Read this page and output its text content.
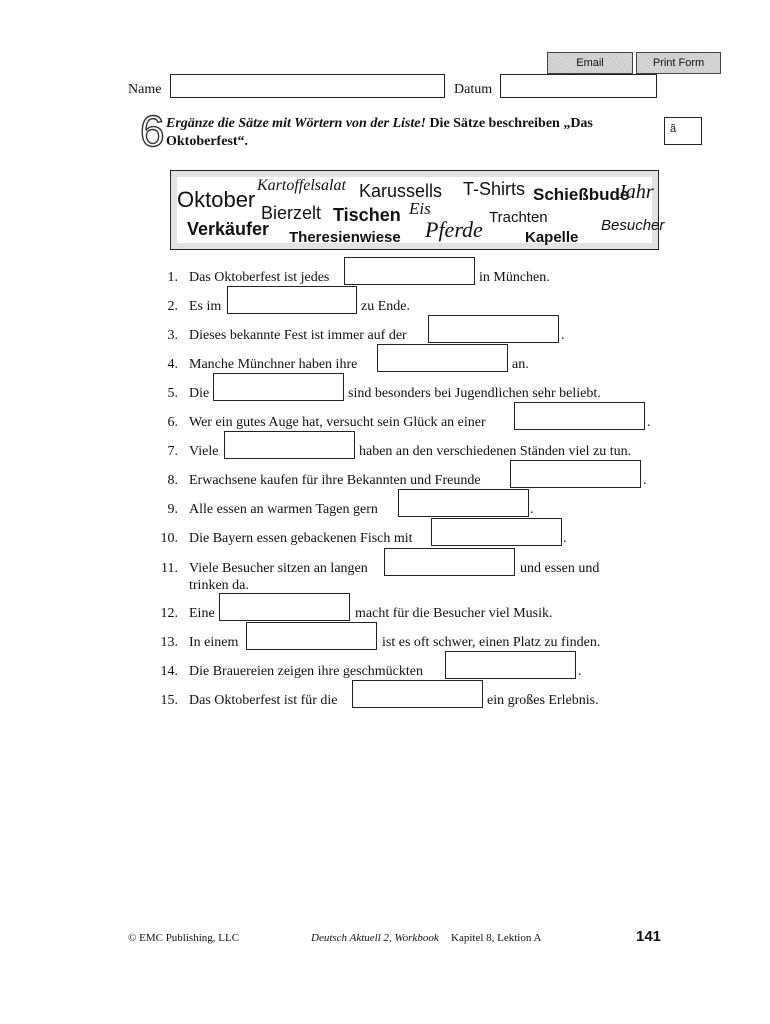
Email	Print Form
Name	Datum
6 Ergänze die Sätze mit Wörtern von der Liste! Die Sätze beschreiben „Das Oktoberfest“.
ã
Oktober
Kartoffelsalat Karussells T-Shirts Schießbude
Jahr
Verkäufer
Bierzelt Tischen Eis
Pferde Trachten	Besucher
Theresienwiese	Kapelle
1. Das Oktoberfest ist jedes	in München.
2. Es im	zu Ende.
3. Dieses bekannte Fest ist immer auf der	.
4. Manche Münchner haben ihre	an.
5. Die	sind besonders bei Jugendlichen sehr beliebt.
6. Wer ein gutes Auge hat, versucht sein Glück an einer	.
7. Viele	haben an den verschiedenen Ständen viel zu tun.
8. Erwachsene kaufen für ihre Bekannten und Freunde	.
9. Alle essen an warmen Tagen gern	.
10. Die Bayern essen gebackenen Fisch mit	.
11. Viele Besucher sitzen an langen	und essen und
trinken da.
12. Eine	macht für die Besucher viel Musik.
13. In einem	ist es oft schwer, einen Platz zu finden.
14. Die Brauereien zeigen ihre geschmückten	.
15. Das Oktoberfest ist für die	ein großes Erlebnis.
© EMC Publishing, LLC	Deutsch Aktuell 2, Workbook Kapitel 8, Lektion A	141
